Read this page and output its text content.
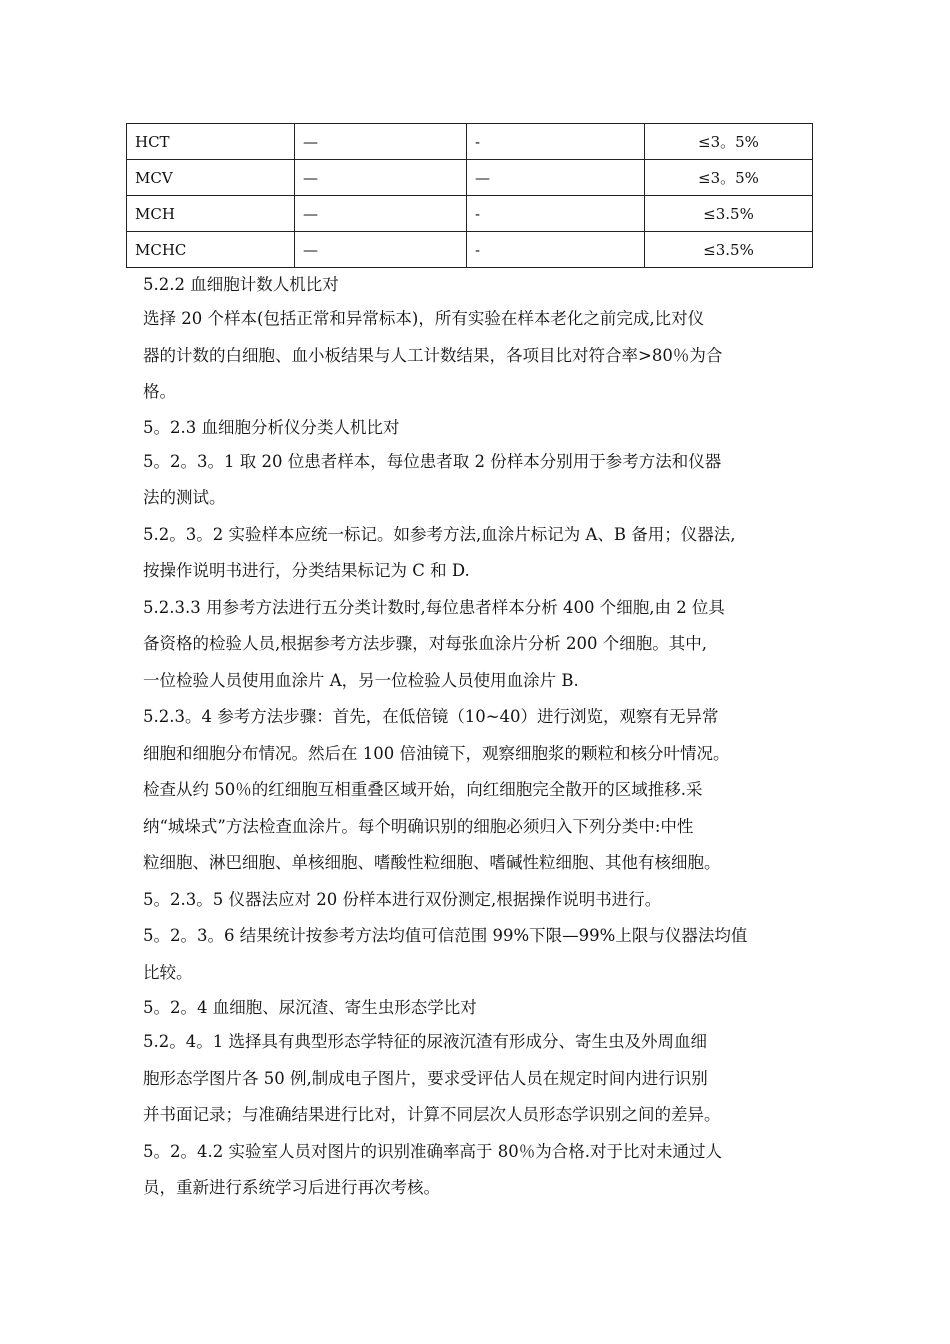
HCT	—	-	≤3。5%
MCV	—	—	≤3。5%
MCH	—	-	≤3.5%
MCHC	—	-	≤3.5%

5.2.2 血细胞计数人机比对

选择 20 个样本(包括正常和异常标本)，所有实验在样本老化之前完成,比对仪

器的计数的白细胞、血小板结果与人工计数结果，各项目比对符合率>80％为合

格。

5。2.3 血细胞分析仪分类人机比对

5。2。3。1 取 20 位患者样本，每位患者取 2 份样本分别用于参考方法和仪器

法的测试。

5.2。3。2 实验样本应统一标记。如参考方法,血涂片标记为 A、B 备用；仪器法,

按操作说明书进行，分类结果标记为 C 和 D.

5.2.3.3 用参考方法进行五分类计数时,每位患者样本分析 400 个细胞,由 2 位具

备资格的检验人员,根据参考方法步骤，对每张血涂片分析 200 个细胞。其中,

一位检验人员使用血涂片 A，另一位检验人员使用血涂片 B.

5.2.3。4 参考方法步骤：首先，在低倍镜（10~40）进行浏览，观察有无异常

细胞和细胞分布情况。然后在 100 倍油镜下，观察细胞浆的颗粒和核分叶情况。

检查从约 50％的红细胞互相重叠区域开始，向红细胞完全散开的区域推移.采

纳“城垛式”方法检查血涂片。每个明确识别的细胞必须归入下列分类中:中性

粒细胞、淋巴细胞、单核细胞、嗜酸性粒细胞、嗜碱性粒细胞、其他有核细胞。

5。2.3。5 仪器法应对 20 份样本进行双份测定,根据操作说明书进行。

5。2。3。6 结果统计按参考方法均值可信范围 99%下限—99%上限与仪器法均值

比较。

5。2。4 血细胞、尿沉渣、寄生虫形态学比对

5.2。4。1 选择具有典型形态学特征的尿液沉渣有形成分、寄生虫及外周血细

胞形态学图片各 50 例,制成电子图片，要求受评估人员在规定时间内进行识别

并书面记录；与准确结果进行比对，计算不同层次人员形态学识别之间的差异。

5。2。4.2 实验室人员对图片的识别准确率高于 80％为合格.对于比对未通过人

员，重新进行系统学习后进行再次考核。
